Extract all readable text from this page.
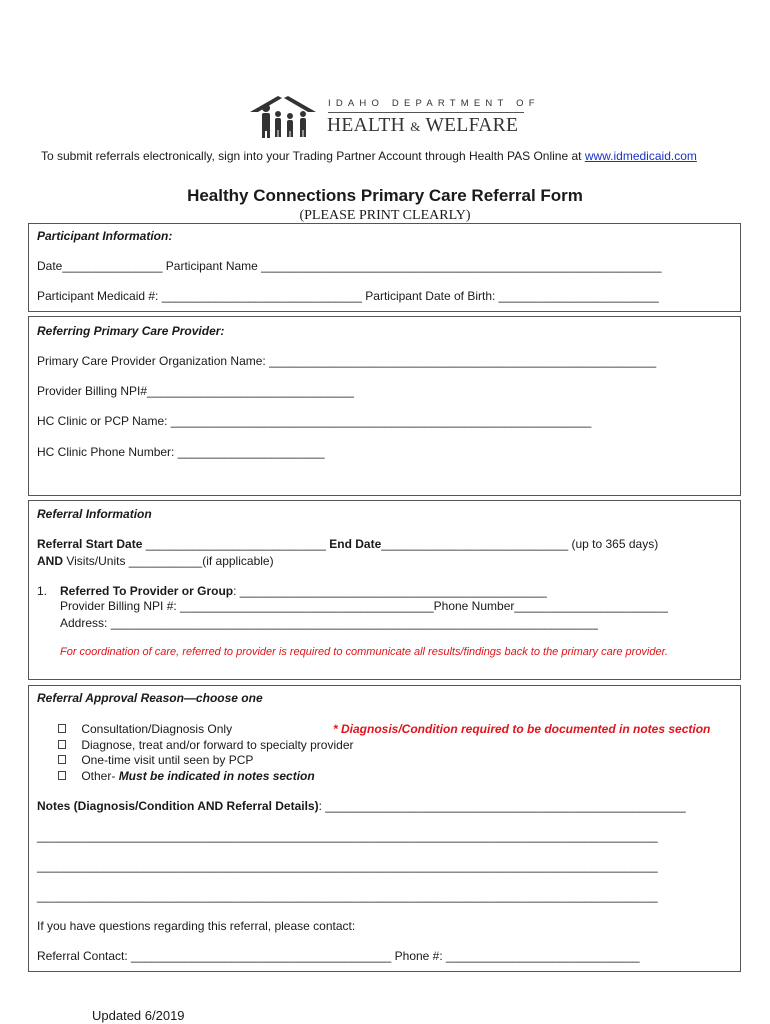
IDAHO DEPARTMENT OF
HEALTH & WELFARE
To submit referrals electronically, sign into your Trading Partner Account through Health PAS Online at www.idmedicaid.com
Healthy Connections Primary Care Referral Form
(PLEASE PRINT CLEARLY)
Participant Information:
Date_______________ Participant Name ____________________________________________________________
Participant Medicaid #: ______________________________ Participant Date of Birth: ________________________
Referring Primary Care Provider:
Primary Care Provider Organization Name: __________________________________________________________
Provider Billing NPI#_______________________________
HC Clinic or PCP Name: _______________________________________________________________
HC Clinic Phone Number: ______________________
Referral Information
Referral Start Date ___________________________ End Date____________________________ (up to 365 days)
AND Visits/Units ___________(if applicable)
1. Referred To Provider or Group: ______________________________________________
Provider Billing NPI #: ______________________________________Phone Number_______________________
Address: _________________________________________________________________________
For coordination of care, referred to provider is required to communicate all results/findings back to the primary care provider.
Referral Approval Reason—choose one
Consultation/Diagnosis Only	* Diagnosis/Condition required to be documented in notes section
Diagnose, treat and/or forward to specialty provider
One-time visit until seen by PCP
Other- Must be indicated in notes section
Notes (Diagnosis/Condition AND Referral Details): ______________________________________________________
_____________________________________________________________________________________________
_____________________________________________________________________________________________
_____________________________________________________________________________________________
If you have questions regarding this referral, please contact:
Referral Contact: _______________________________________ Phone #: _____________________________
Updated 6/2019
